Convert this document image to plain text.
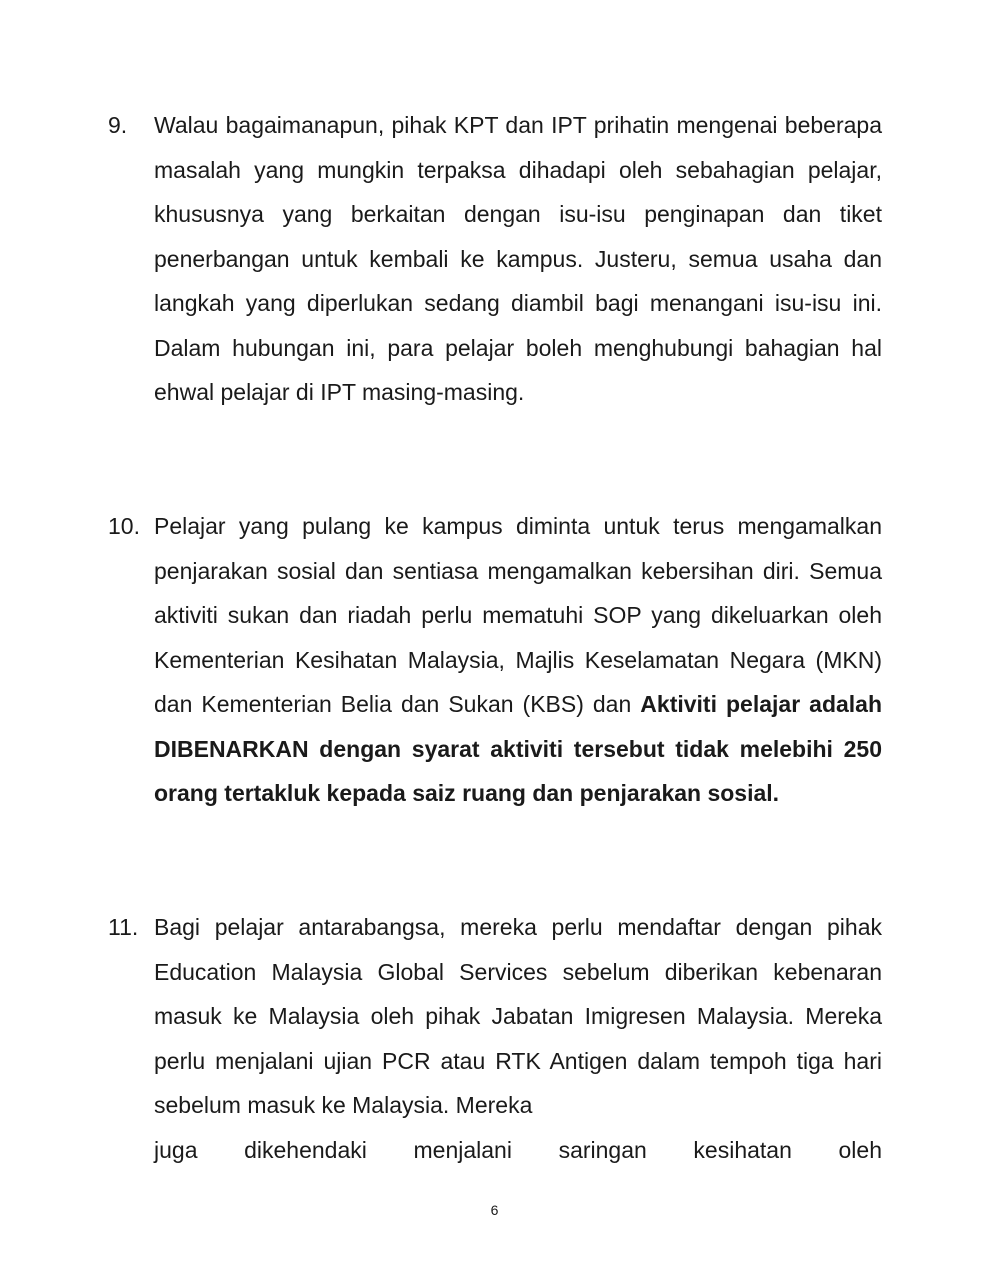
9. Walau bagaimanapun, pihak KPT dan IPT prihatin mengenai beberapa masalah yang mungkin terpaksa dihadapi oleh sebahagian pelajar, khususnya yang berkaitan dengan isu-isu penginapan dan tiket penerbangan untuk kembali ke kampus. Justeru, semua usaha dan langkah yang diperlukan sedang diambil bagi menangani isu-isu ini. Dalam hubungan ini, para pelajar boleh menghubungi bahagian hal ehwal pelajar di IPT masing-masing.
10. Pelajar yang pulang ke kampus diminta untuk terus mengamalkan penjarakan sosial dan sentiasa mengamalkan kebersihan diri. Semua aktiviti sukan dan riadah perlu mematuhi SOP yang dikeluarkan oleh Kementerian Kesihatan Malaysia, Majlis Keselamatan Negara (MKN) dan Kementerian Belia dan Sukan (KBS) dan Aktiviti pelajar adalah DIBENARKAN dengan syarat aktiviti tersebut tidak melebihi 250 orang tertakluk kepada saiz ruang dan penjarakan sosial.
11. Bagi pelajar antarabangsa, mereka perlu mendaftar dengan pihak Education Malaysia Global Services sebelum diberikan kebenaran masuk ke Malaysia oleh pihak Jabatan Imigresen Malaysia. Mereka perlu menjalani ujian PCR atau RTK Antigen dalam tempoh tiga hari sebelum masuk ke Malaysia. Mereka
juga dikehendaki menjalani saringan kesihatan oleh
6
